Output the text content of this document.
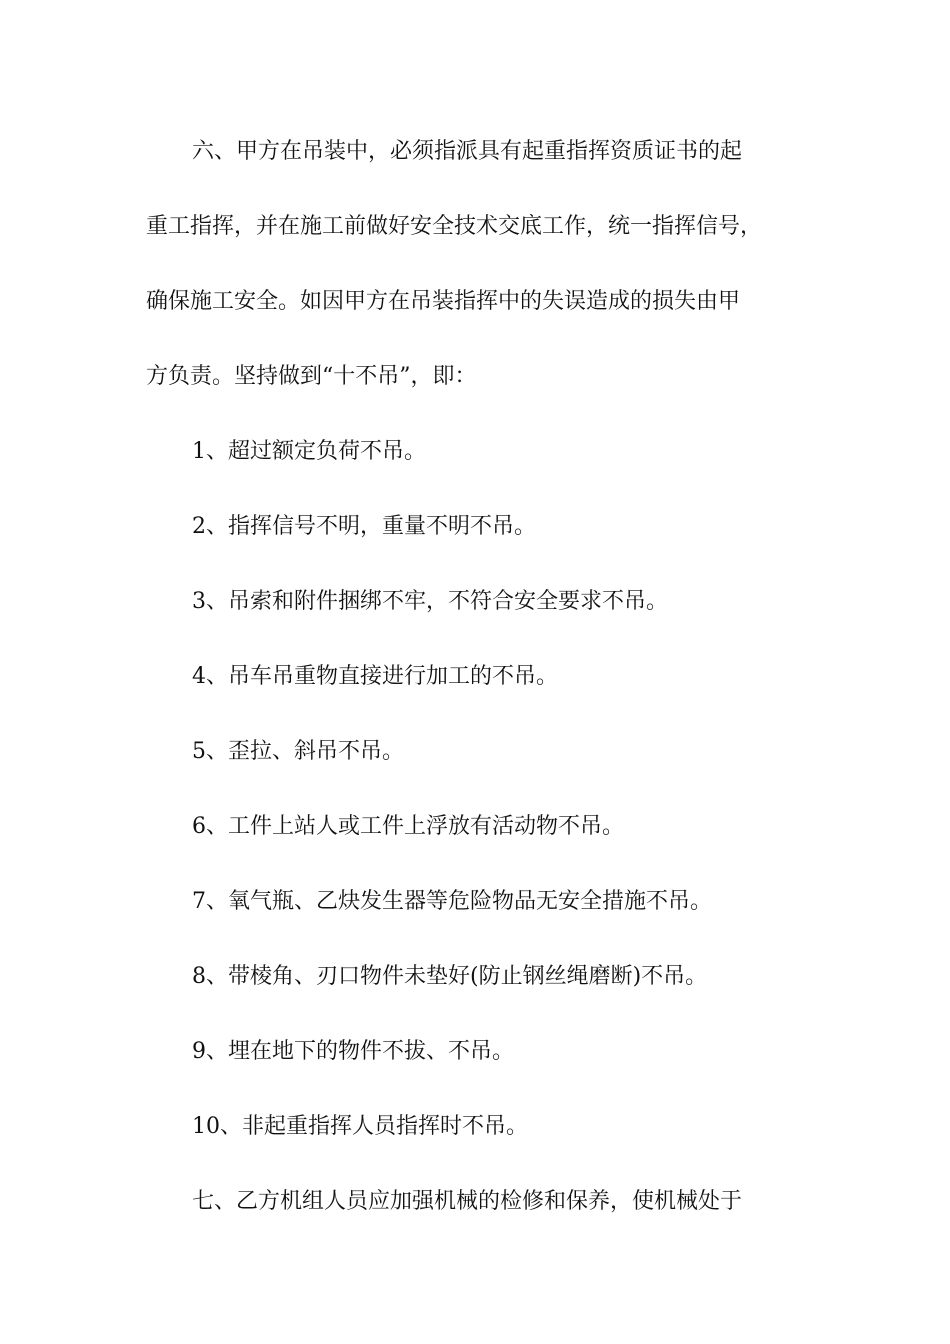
六、甲方在吊装中，必须指派具有起重指挥资质证书的起
重工指挥，并在施工前做好安全技术交底工作，统一指挥信号，
确保施工安全。如因甲方在吊装指挥中的失误造成的损失由甲
方负责。坚持做到“十不吊”，即：
1、超过额定负荷不吊。
2、指挥信号不明，重量不明不吊。
3、吊索和附件捆绑不牢，不符合安全要求不吊。
4、吊车吊重物直接进行加工的不吊。
5、歪拉、斜吊不吊。
6、工件上站人或工件上浮放有活动物不吊。
7、氧气瓶、乙炔发生器等危险物品无安全措施不吊。
8、带棱角、刃口物件未垫好(防止钢丝绳磨断)不吊。
9、埋在地下的物件不拔、不吊。
10、非起重指挥人员指挥时不吊。
七、乙方机组人员应加强机械的检修和保养，使机械处于
